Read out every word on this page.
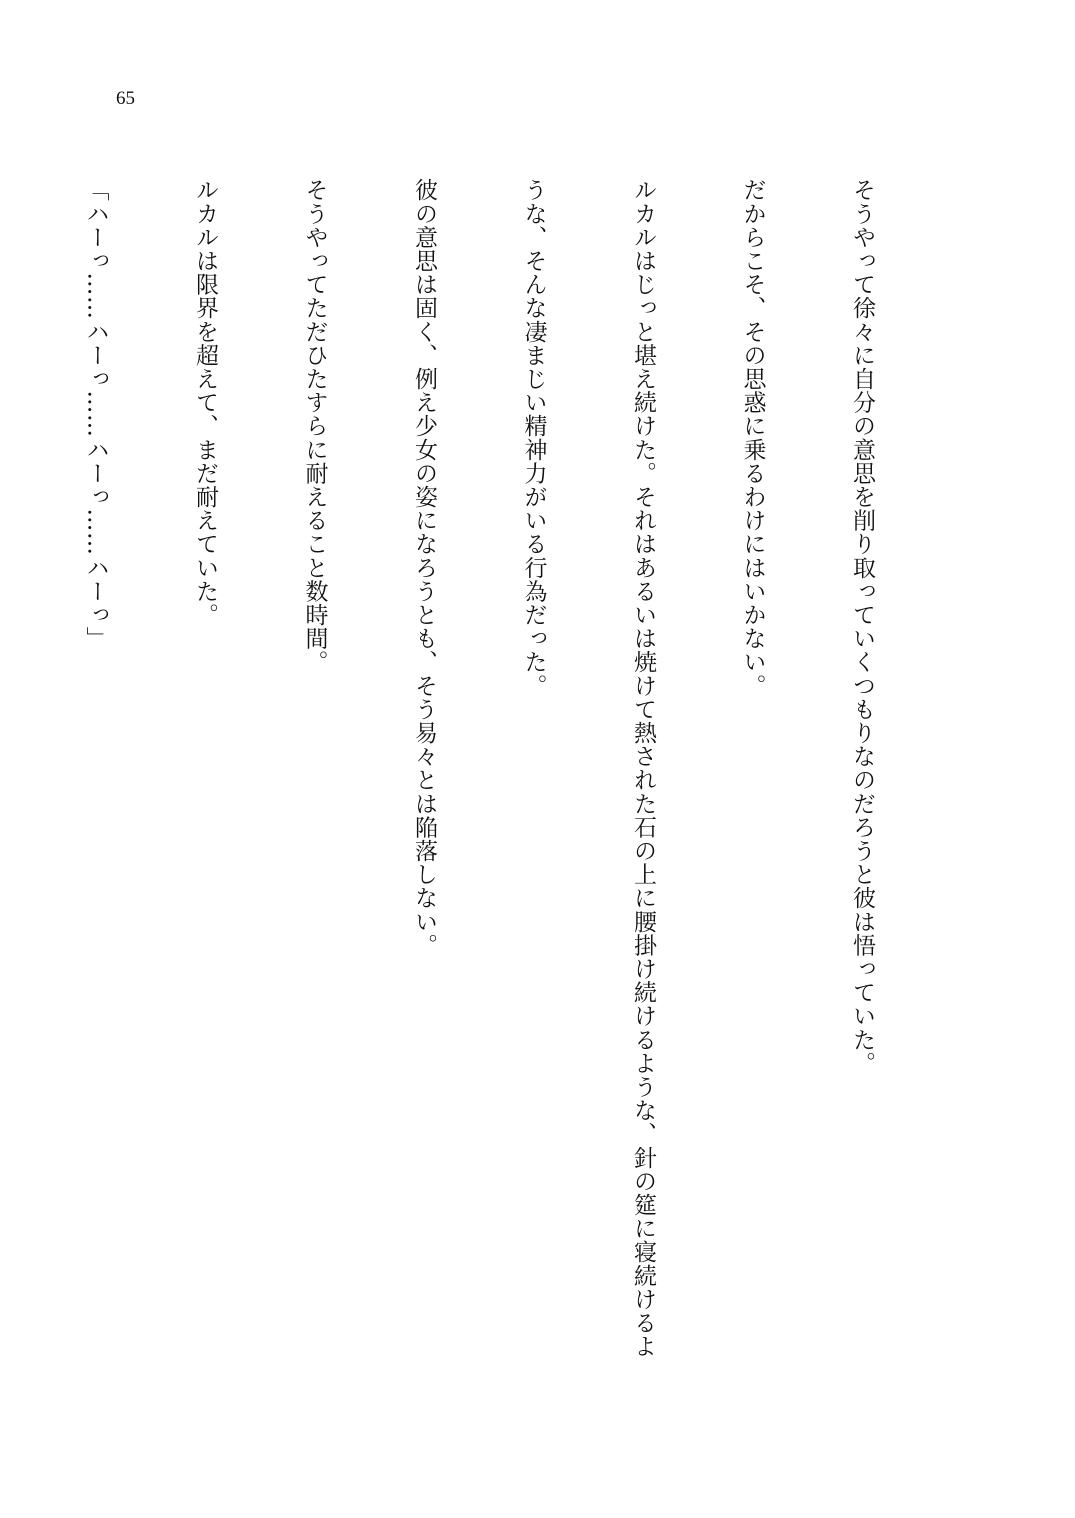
65

そうやって徐々に自分の意思を削り取っていくつもりなのだろうと彼は悟っていた。

だからこそ、その思惑に乗るわけにはいかない。

ルカルはじっと堪え続けた。それはあるいは焼けて熱された石の上に腰掛け続けるような、針の筵に寝続けるよ

うな、そんな凄まじい精神力がいる行為だった。

彼の意思は固く、例え少女の姿になろうとも、そう易々とは陥落しない。

そうやってただひたすらに耐えること数時間。

ルカルは限界を超えて、まだ耐えていた。

「ハーっ……ハーっ……ハーっ……ハーっ」
